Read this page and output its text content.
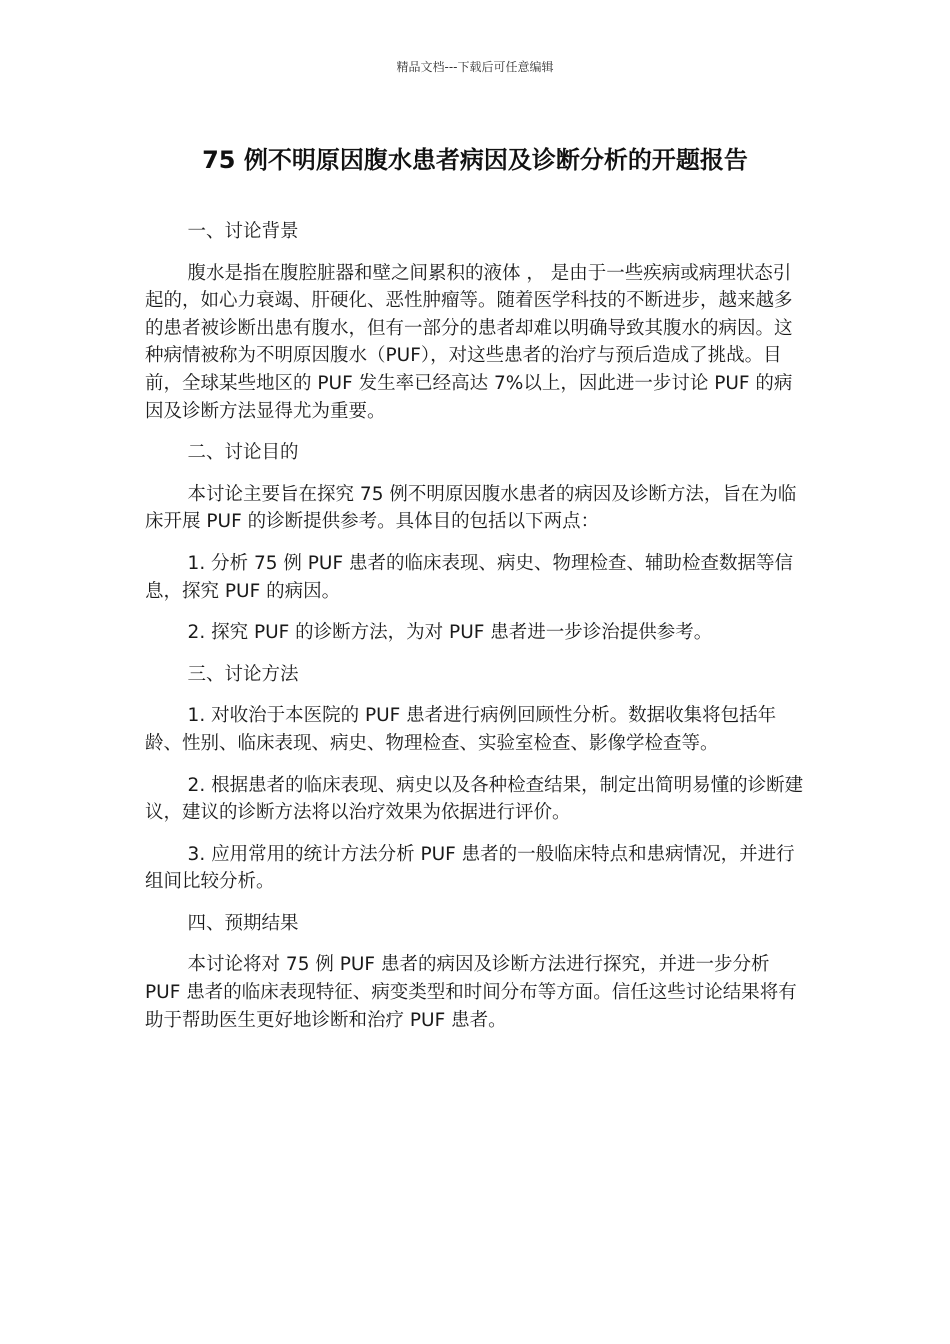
精品文档---下载后可任意编辑
75 例不明原因腹水患者病因及诊断分析的开题报告

一、讨论背景

腹水是指在腹腔脏器和壁之间累积的液体 ， 是由于一些疾病或病理状态引起的，如心力衰竭、肝硬化、恶性肿瘤等。随着医学科技的不断进步，越来越多的患者被诊断出患有腹水，但有一部分的患者却难以明确导致其腹水的病因。这种病情被称为不明原因腹水（PUF），对这些患者的治疗与预后造成了挑战。目前，全球某些地区的 PUF 发生率已经高达 7%以上，因此进一步讨论 PUF 的病因及诊断方法显得尤为重要。

二、讨论目的

本讨论主要旨在探究 75 例不明原因腹水患者的病因及诊断方法，旨在为临床开展 PUF 的诊断提供参考。具体目的包括以下两点：

1. 分析 75 例 PUF 患者的临床表现、病史、物理检查、辅助检查数据等信息，探究 PUF 的病因。

2. 探究 PUF 的诊断方法，为对 PUF 患者进一步诊治提供参考。

三、讨论方法

1. 对收治于本医院的 PUF 患者进行病例回顾性分析。数据收集将包括年龄、性别、临床表现、病史、物理检查、实验室检查、影像学检查等。

2. 根据患者的临床表现、病史以及各种检查结果，制定出简明易懂的诊断建议，建议的诊断方法将以治疗效果为依据进行评价。

3. 应用常用的统计方法分析 PUF 患者的一般临床特点和患病情况，并进行组间比较分析。

四、预期结果

本讨论将对 75 例 PUF 患者的病因及诊断方法进行探究，并进一步分析 PUF 患者的临床表现特征、病变类型和时间分布等方面。信任这些讨论结果将有助于帮助医生更好地诊断和治疗 PUF 患者。
